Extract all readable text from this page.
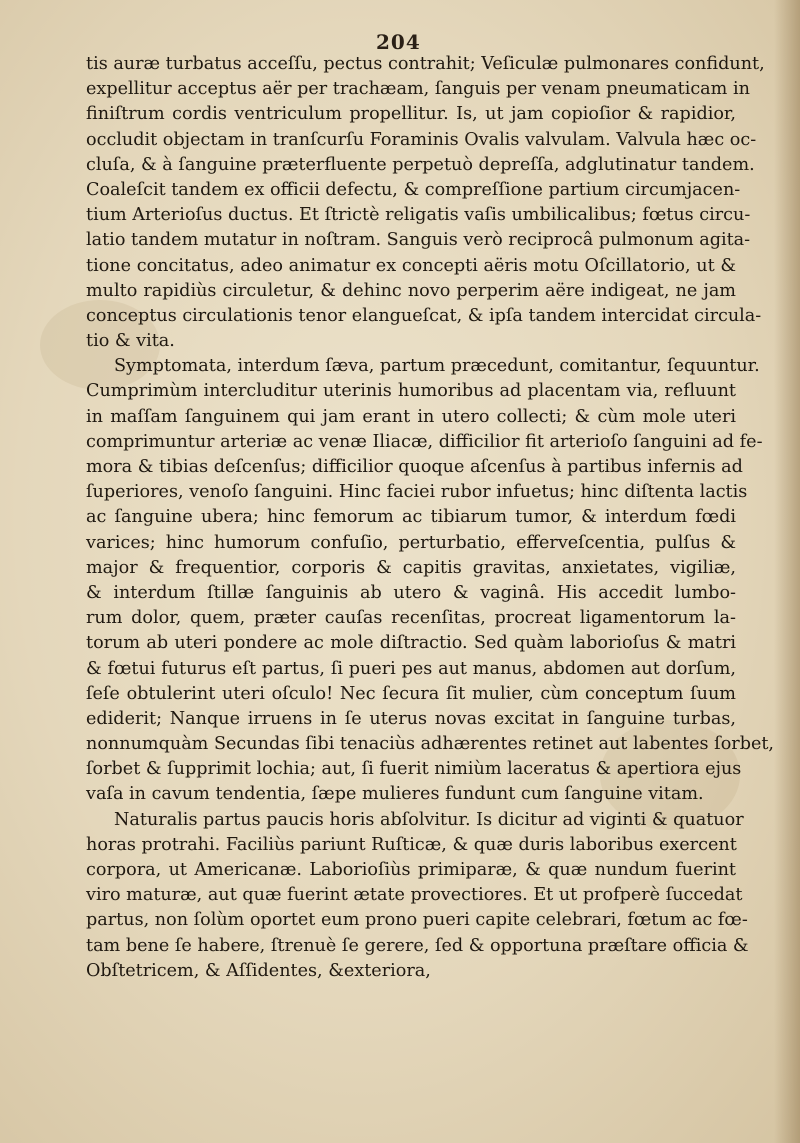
204
tis auræ turbatus acceſſu, pectus contrahit; Veſiculæ pulmonares confidunt,
expellitur acceptus aër per trachæam, ſanguis per venam pneumaticam in
finiſtrum cordis ventriculum propellitur. Is, ut jam copioſior & rapidior,
occludit objectam in tranſcurſu Foraminis Ovalis valvulam. Valvula hæc oc-
cluſa, & à ſanguine præterfluente perpetuò depreſſa, adglutinatur tandem.
Coaleſcit tandem ex officii defectu, & compreſſione partium circumjacen-
tium Arterioſus ductus. Et ſtrictè religatis vaſis umbilicalibus; fœtus circu-
latio tandem mutatur in noſtram. Sanguis verò reciprocâ pulmonum agita-
tione concitatus, adeo animatur ex concepti aëris motu Oſcillatorio, ut &
multo rapidiùs circuletur, & dehinc novo perperim aëre indigeat, ne jam
conceptus circulationis tenor elangueſcat, & ipſa tandem intercidat circula-
tio & vita.
Symptomata, interdum ſæva, partum præcedunt, comitantur, ſequuntur.
Cumprimùm intercluditur uterinis humoribus ad placentam via, refluunt
in maſſam ſanguinem qui jam erant in utero collecti; & cùm mole uteri
comprimuntur arteriæ ac venæ Iliacæ, difficilior fit arterioſo ſanguini ad fe-
mora & tibias deſcenſus; difficilior quoque aſcenſus à partibus infernis ad
ſuperiores, venoſo ſanguini. Hinc faciei rubor infuetus; hinc diſtenta lactis
ac ſanguine ubera; hinc femorum ac tibiarum tumor, & interdum fœdi
varices; hinc humorum confuſio, perturbatio, efferveſcentia, pulſus &
major & frequentior, corporis & capitis gravitas, anxietates, vigiliæ,
& interdum ſtillæ ſanguinis ab utero & vaginâ. His accedit lumbo-
rum dolor, quem, præter cauſas recenſitas, procreat ligamentorum la-
torum ab uteri pondere ac mole diſtractio. Sed quàm laborioſus & matri
& fœtui futurus eſt partus, ſi pueri pes aut manus, abdomen aut dorſum,
ſeſe obtulerint uteri oſculo! Nec ſecura ſit mulier, cùm conceptum ſuum
ediderit; Nanque irruens in ſe uterus novas excitat in ſanguine turbas,
nonnumquàm Secundas ſibi tenaciùs adhærentes retinet aut labentes ſorbet,
ſorbet & ſupprimit lochia; aut, ſi fuerit nimiùm laceratus & apertiora ejus
vaſa in cavum tendentia, ſæpe mulieres fundunt cum ſanguine vitam.
Naturalis partus paucis horis abſolvitur. Is dicitur ad viginti & quatuor
horas protrahi. Faciliùs pariunt Ruſticæ, & quæ duris laboribus exercent
corpora, ut Americanæ. Laborioſiùs primiparæ, & quæ nundum fuerint
viro maturæ, aut quæ fuerint ætate provectiores. Et ut profperè ſuccedat
partus, non ſolùm oportet eum prono pueri capite celebrari, fœtum ac fœ-
tam bene ſe habere, ſtrenuè ſe gerere, ſed & opportuna præſtare officia &
Obſtetricem, & Aſſidentes, &exteriora,
